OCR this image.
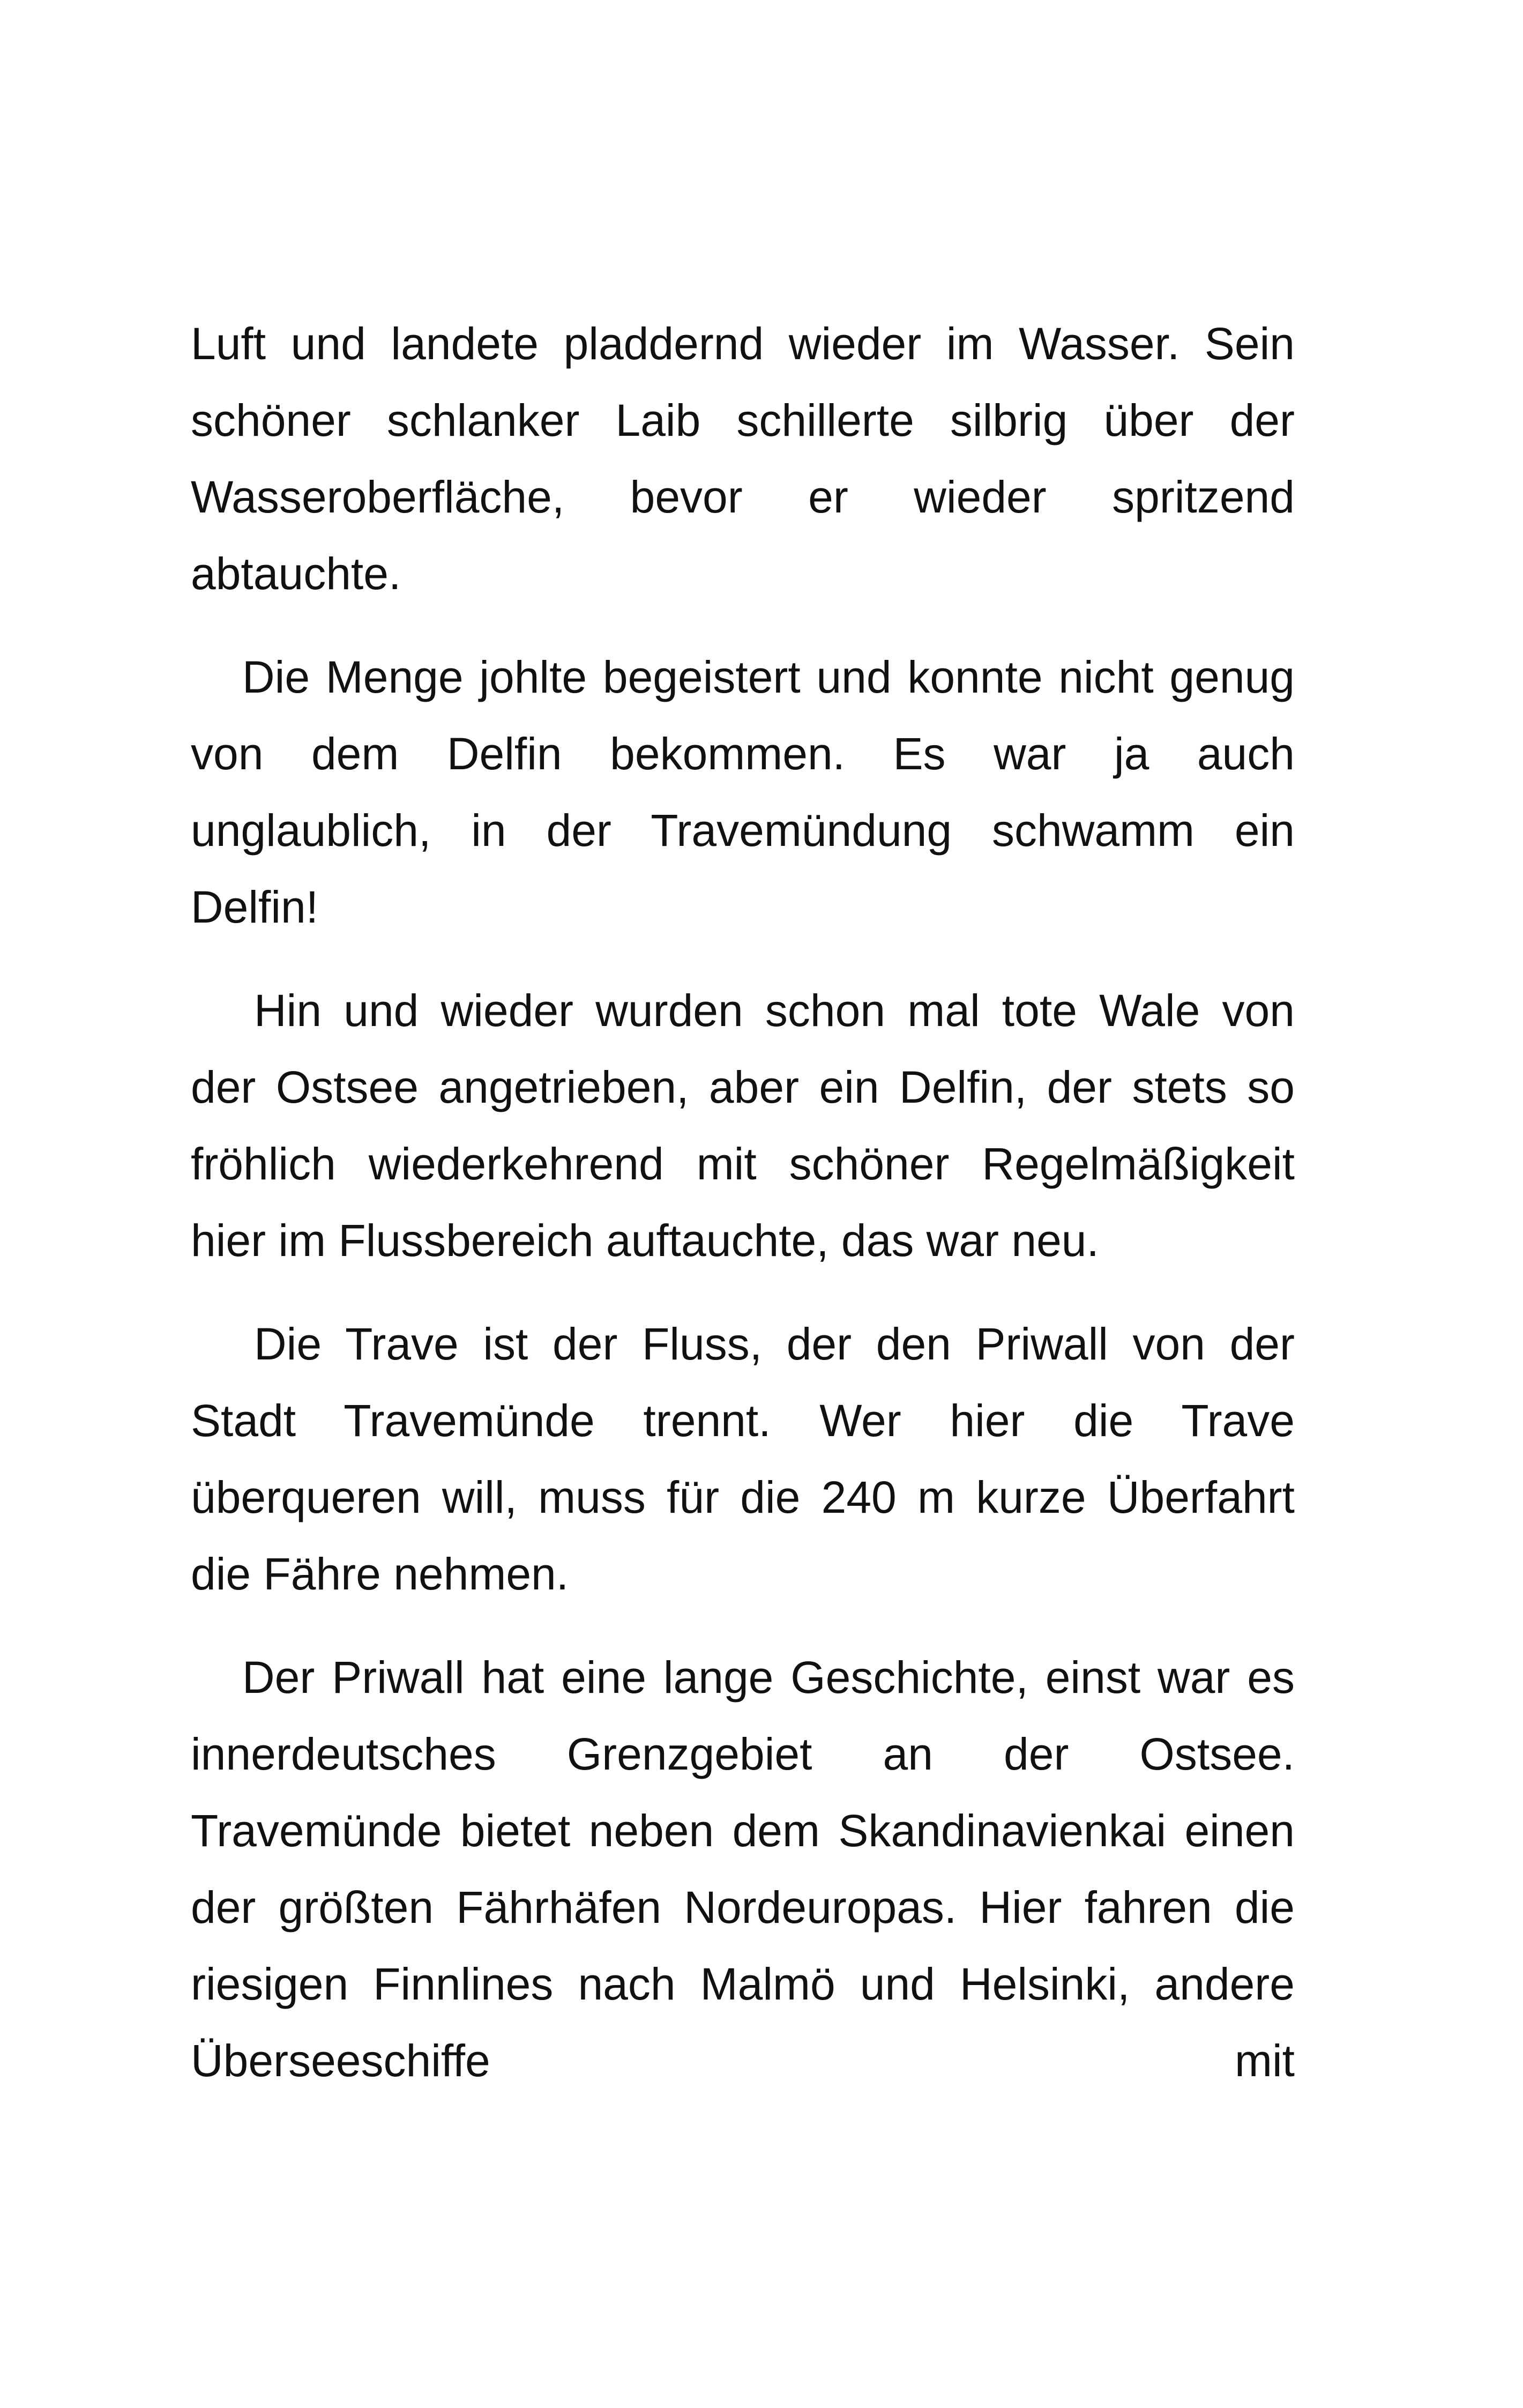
Luft und landete pladdernd wieder im Wasser. Sein schöner schlanker Laib schillerte silbrig über der Wasseroberfläche, bevor er wieder spritzend abtauchte.

Die Menge johlte begeistert und konnte nicht genug von dem Delfin bekommen. Es war ja auch unglaublich, in der Travemündung schwamm ein Delfin!

Hin und wieder wurden schon mal tote Wale von der Ostsee angetrieben, aber ein Delfin, der stets so fröhlich wiederkehrend mit schöner Regelmäßigkeit hier im Flussbereich auftauchte, das war neu.

Die Trave ist der Fluss, der den Priwall von der Stadt Travemünde trennt. Wer hier die Trave überqueren will, muss für die 240 m kurze Überfahrt die Fähre nehmen.

Der Priwall hat eine lange Geschichte, einst war es innerdeutsches Grenzgebiet an der Ostsee. Travemünde bietet neben dem Skandinavienkai einen der größten Fährhäfen Nordeuropas. Hier fahren die riesigen Finnlines nach Malmö und Helsinki, andere Überseeschiffe mit
